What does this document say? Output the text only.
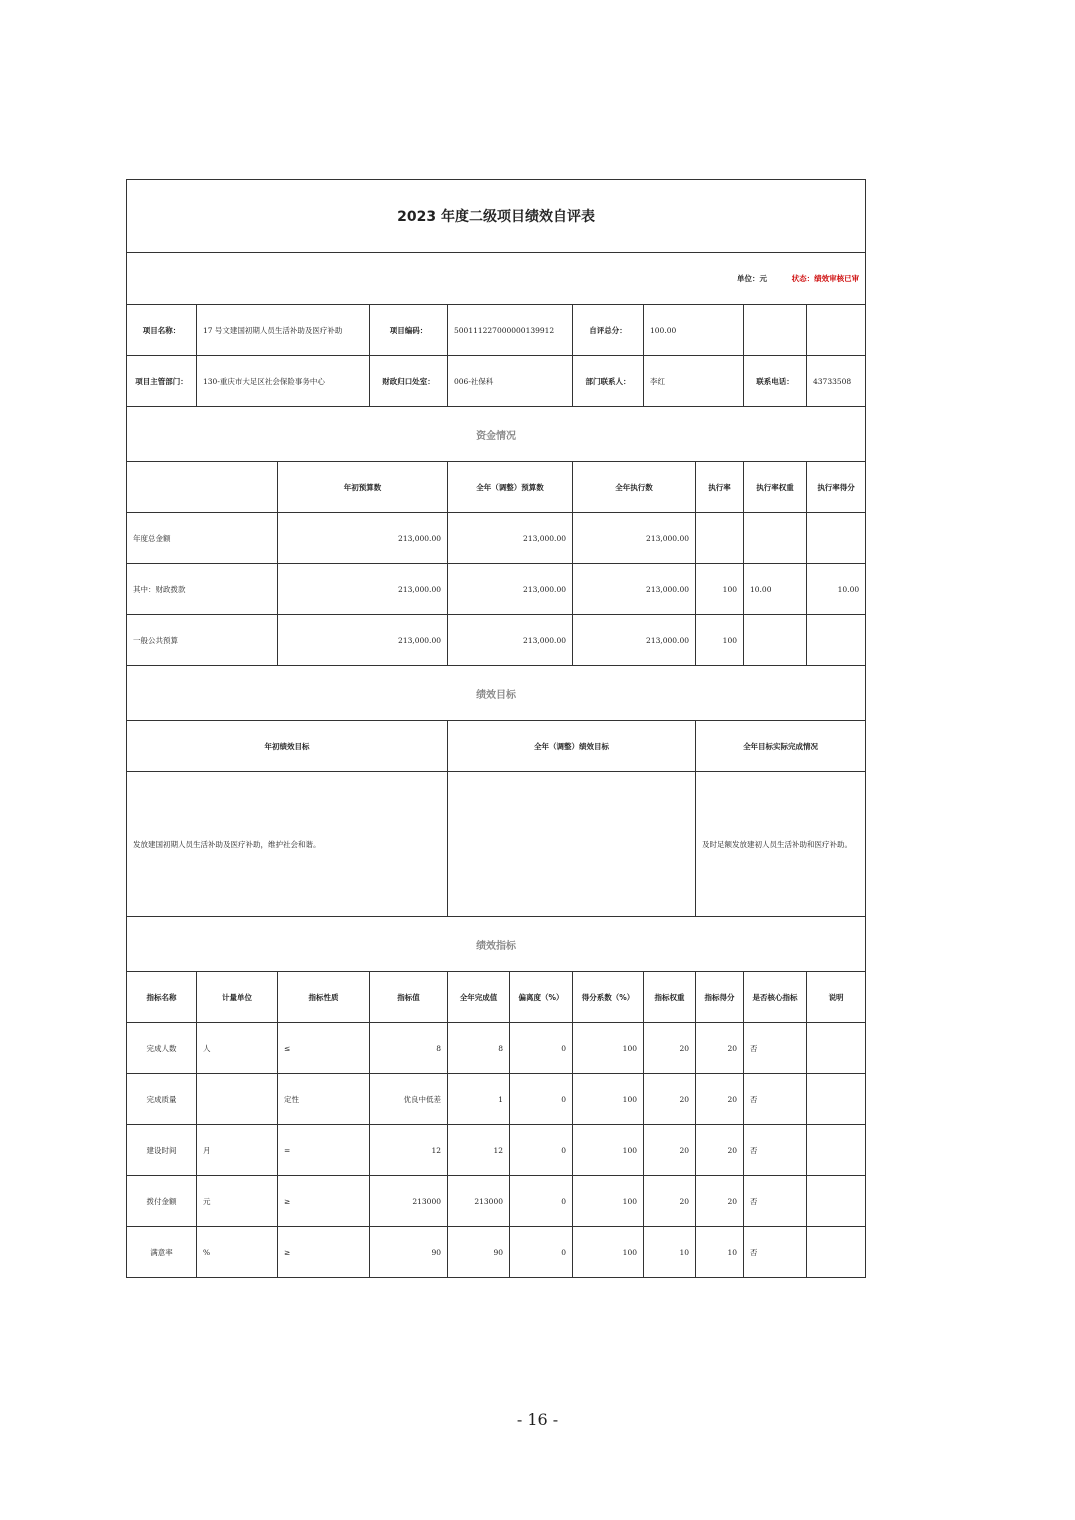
2023 年度二级项目绩效自评表										
单位：元 状态：绩效审核已审										
项目名称：	17 号文建国初期人员生活补助及医疗补助		项目编码：	500111227000000139912		自评总分：	100.00			
项目主管部门：	130-重庆市大足区社会保险事务中心		财政归口处室：	006-社保科		部门联系人：	李红		联系电话：	43733508
资金情况										
		年初预算数		全年（调整）预算数		全年执行数		执行率	执行率权重	执行率得分
年度总金额		213,000.00		213,000.00		213,000.00				
其中：财政拨款		213,000.00		213,000.00		213,000.00		100	10.00	10.00
一般公共预算		213,000.00		213,000.00		213,000.00		100		
绩效目标										
年初绩效目标				全年（调整）绩效目标				全年目标实际完成情况		
发放建国初期人员生活补助及医疗补助，维护社会和谐。								及时足额发放建初人员生活补助和医疗补助。		
绩效指标										
指标名称	计量单位	指标性质	指标值	全年完成值	偏离度（%）	得分系数（%）	指标权重	指标得分	是否核心指标	说明
完成人数	人	≤	8	8	0	100	20	20	否	
完成质量		定性	优良中低差	1	0	100	20	20	否	
建设时间	月	=	12	12	0	100	20	20	否	
拨付金额	元	≥	213000	213000	0	100	20	20	否	
满意率	%	≥	90	90	0	100	10	10	否	
- 16 -
